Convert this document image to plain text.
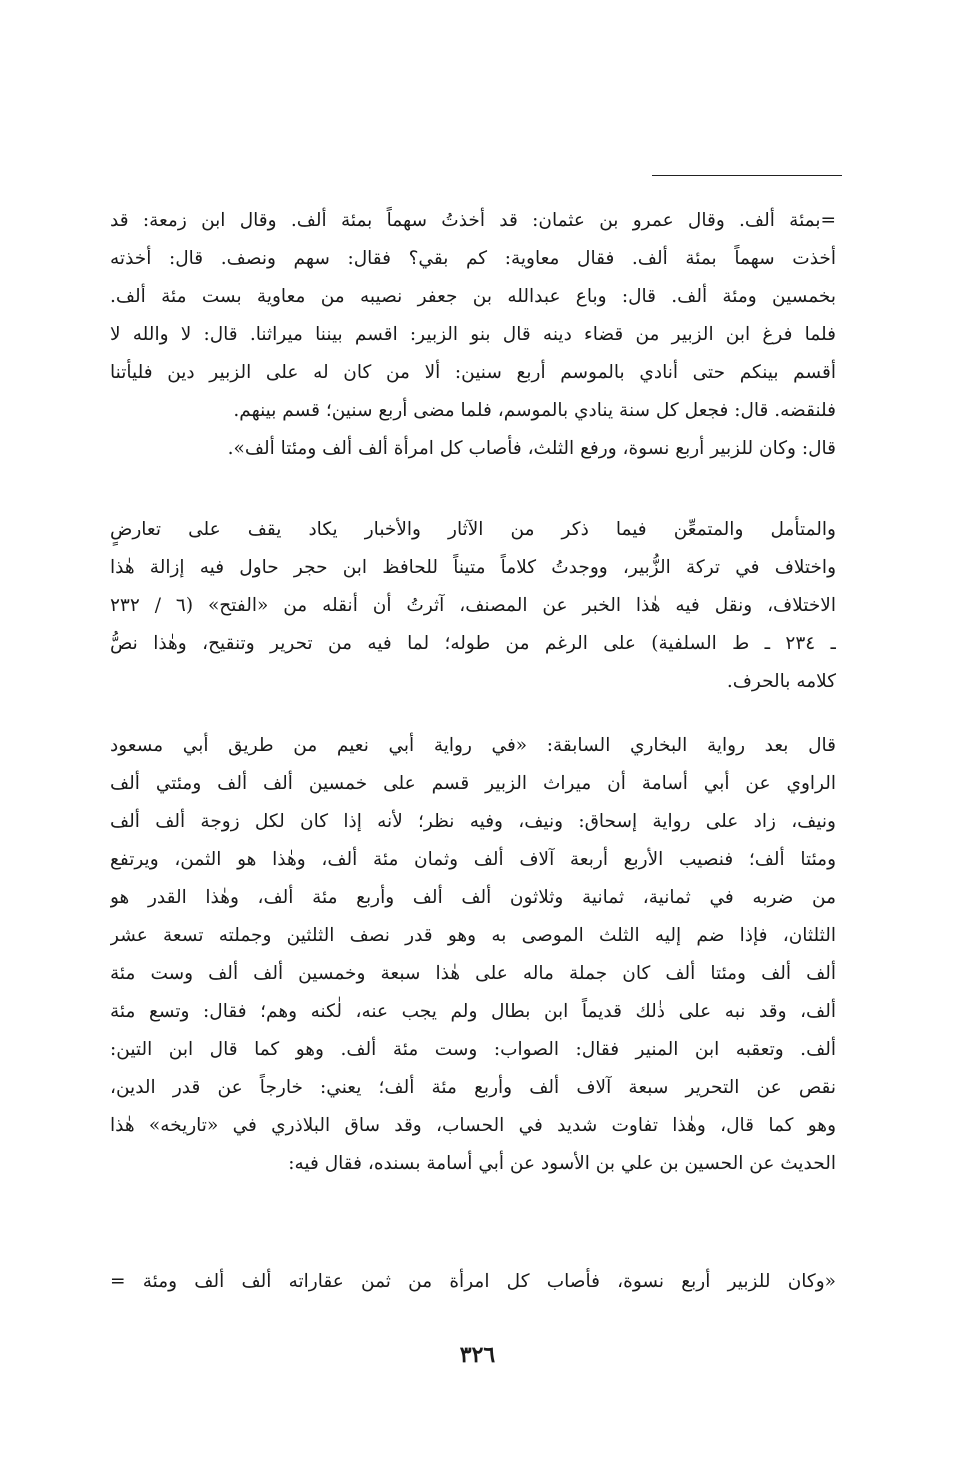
=بمئة ألف. وقال عمرو بن عثمان: قد أخذتُ سهماً بمئة ألف. وقال ابن زمعة: قد
أخذت سهماً بمئة ألف. فقال معاوية: كم بقي؟ فقال: سهم ونصف. قال: أخذته
بخمسين ومئة ألف. قال: وباع عبدالله بن جعفر نصيبه من معاوية بست مئة ألف.
فلما فرغ ابن الزبير من قضاء دينه قال بنو الزبير: اقسم بيننا ميراثنا. قال: لا والله لا
أقسم بينكم حتى أنادي بالموسم أربع سنين: ألا من كان له على الزبير دين فليأتنا
فلنقضه. قال: فجعل كل سنة ينادي بالموسم، فلما مضى أربع سنين؛ قسم بينهم.
قال: وكان للزبير أربع نسوة، ورفع الثلث، فأصاب كل امرأة ألف ألف ومئتا ألف».
والمتأمل والمتمعِّن فيما ذكر من الآثار والأخبار يكاد يقف على تعارضٍ
واختلاف في تركة الزُّبير، ووجدتُ كلاماً متيناً للحافظ ابن حجر حاول فيه إزالة هٰذا
الاختلاف، ونقل فيه هٰذا الخبر عن المصنف، آثرتُ أن أنقله من «الفتح» (٦ / ٢٣٢
ـ ٢٣٤ ـ ط السلفية) على الرغم من طوله؛ لما فيه من تحرير وتنقيح، وهٰذا نصُّ
كلامه بالحرف.
قال بعد رواية البخاري السابقة: «في رواية أبي نعيم من طريق أبي مسعود
الراوي عن أبي أسامة أن ميراث الزبير قسم على خمسين ألف ألف ومئتي ألف
ونيف، زاد على رواية إسحاق: ونيف، وفيه نظر؛ لأنه إذا كان لكل زوجة ألف ألف
ومئتا ألف؛ فنصيب الأربع أربعة آلاف ألف وثمان مئة ألف، وهٰذا هو الثمن، ويرتفع
من ضربه في ثمانية، ثمانية وثلاثون ألف ألف وأربع مئة ألف، وهٰذا القدر هو
الثلثان، فإذا ضم إليه الثلث الموصى به وهو قدر نصف الثلثين وجملته تسعة عشر
ألف ألف ومئتا ألف كان جملة ماله على هٰذا سبعة وخمسين ألف ألف وست مئة
ألف، وقد نبه على ذٰلك قديماً ابن بطال ولم يجب عنه، لٰكنه وهم؛ فقال: وتسع مئة
ألف. وتعقبه ابن المنير فقال: الصواب: وست مئة ألف. وهو كما قال ابن التين:
نقص عن التحرير سبعة آلاف ألف وأربع مئة ألف؛ يعني: خارجاً عن قدر الدين،
وهو كما قال، وهٰذا تفاوت شديد في الحساب، وقد ساق البلاذري في «تاريخه» هٰذا
الحديث عن الحسين بن علي بن الأسود عن أبي أسامة بسنده، فقال فيه:
«وكان للزبير أربع نسوة، فأصاب كل امرأة من ثمن عقاراته ألف ألف ومئة =
٣٢٦
